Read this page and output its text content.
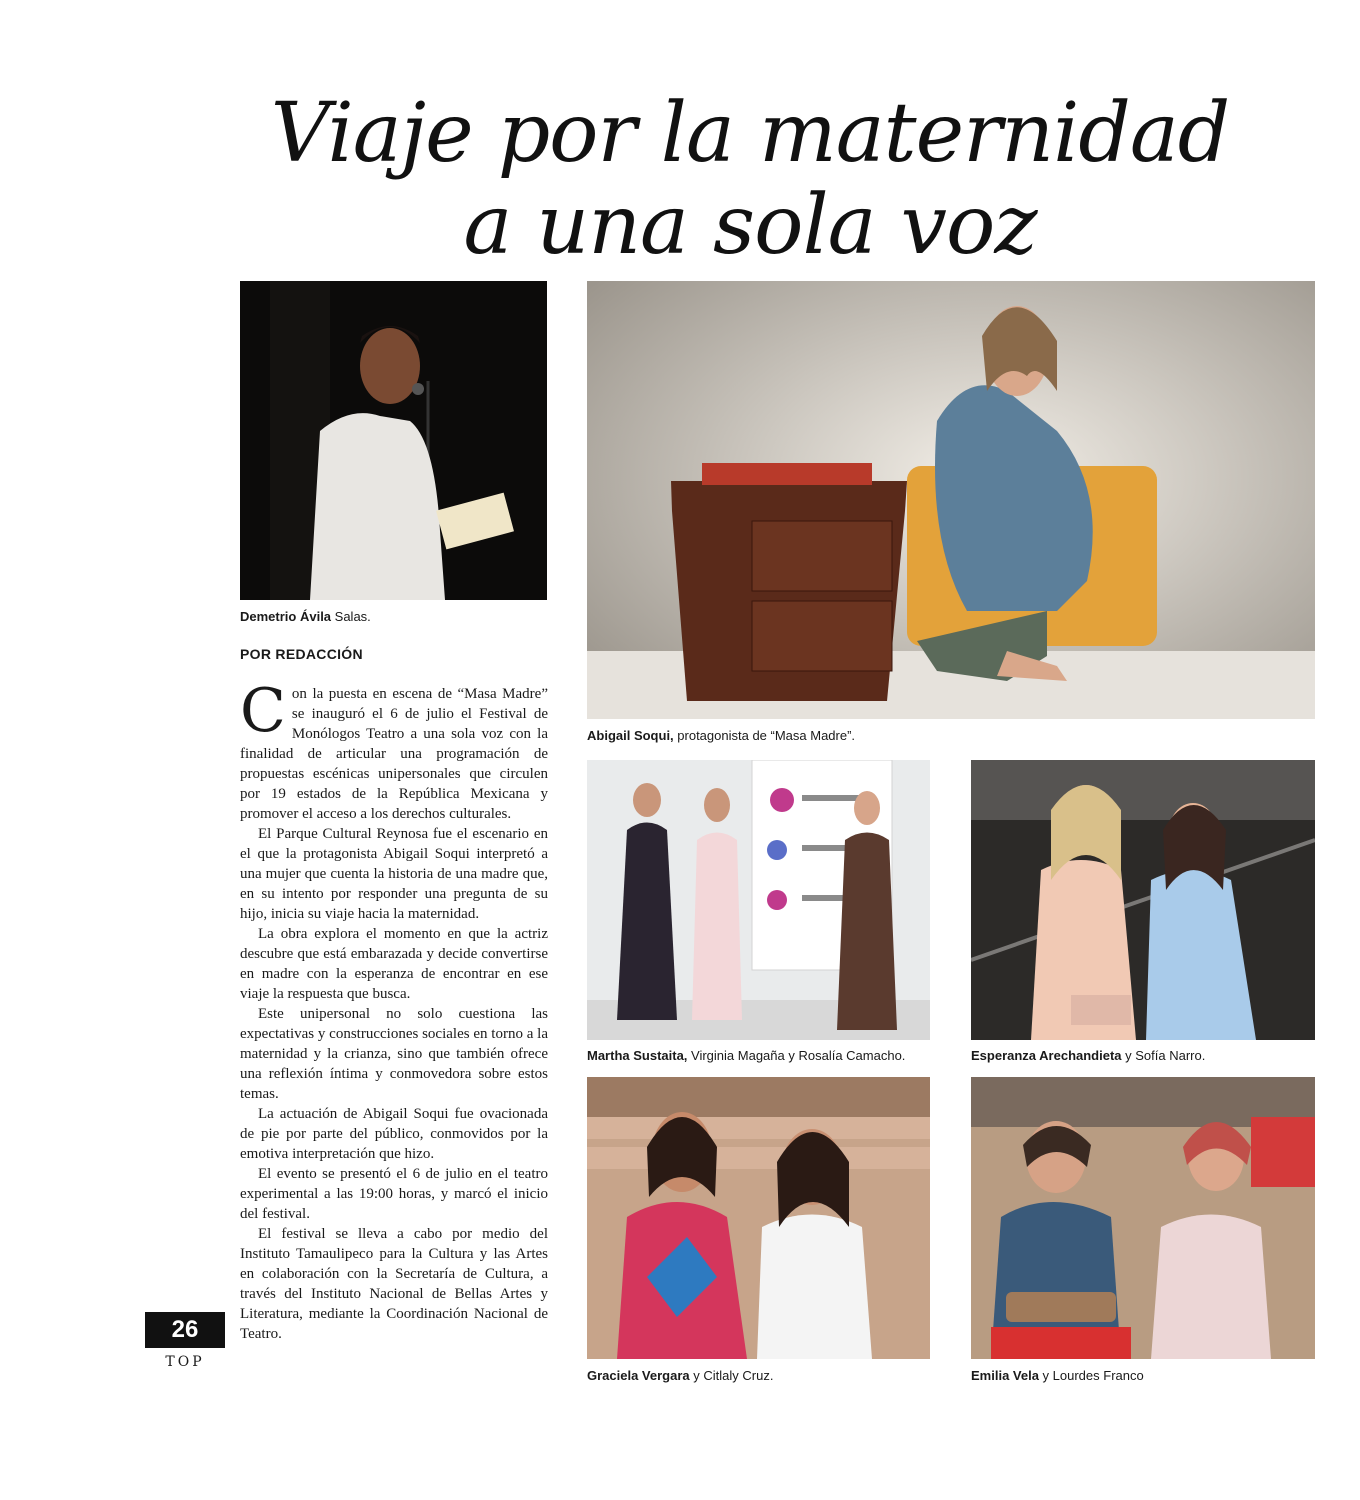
Viaje por la maternidad
a una sola voz
Demetrio Ávila Salas.
Abigail Soqui, protagonista de “Masa Madre”.
Martha Sustaita, Virginia Magaña y Rosalía Camacho.	Esperanza Arechandieta y Sofía Narro.
Graciela Vergara y Citlaly Cruz.	Emilia Vela y Lourdes Franco
POR REDACCIÓN

Con la puesta en escena de “Masa Madre” se inauguró el 6 de julio el Festival de Monólogos Teatro a una sola voz con la finalidad de articular una programación de propuestas escénicas unipersonales que circulen por 19 estados de la República Mexicana y promover el acceso a los derechos culturales.

El Parque Cultural Reynosa fue el escenario en el que la protagonista Abigail Soqui interpretó a una mujer que cuenta la historia de una madre que, en su intento por responder una pregunta de su hijo, inicia su viaje hacia la maternidad.

La obra explora el momento en que la actriz descubre que está embarazada y decide convertirse en madre con la esperanza de encontrar en ese viaje la respuesta que busca.

Este unipersonal no solo cuestiona las expectativas y construcciones sociales en torno a la maternidad y la crianza, sino que también ofrece una reflexión íntima y conmovedora sobre estos temas.

La actuación de Abigail Soqui fue ovacionada de pie por parte del público, conmovidos por la emotiva interpretación que hizo.

El evento se presentó el 6 de julio en el teatro experimental a las 19:00 horas, y marcó el inicio del festival.

El festival se lleva a cabo por medio del Instituto Tamaulipeco para la Cultura y las Artes en colaboración con la Secretaría de Cultura, a través del Instituto Nacional de Bellas Artes y Literatura, mediante la Coordinación Nacional de Teatro.

26
TOP
